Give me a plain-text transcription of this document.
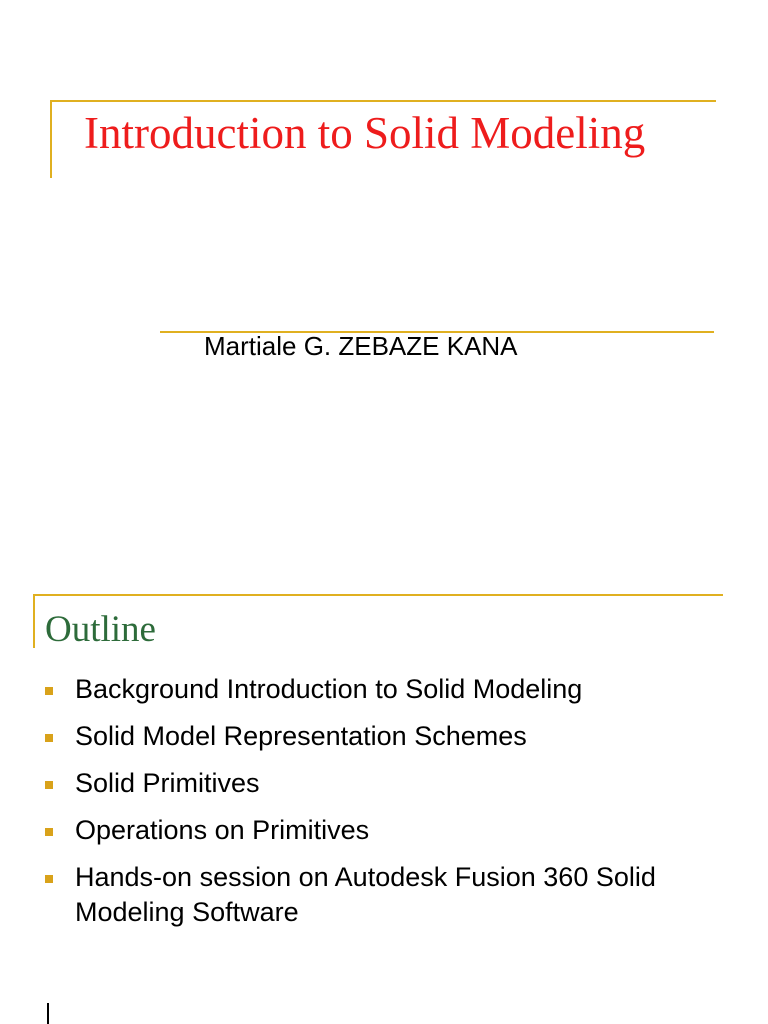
Introduction to Solid Modeling

Martiale G. ZEBAZE KANA

Outline
Background Introduction to Solid Modeling
Solid Model Representation Schemes
Solid Primitives
Operations on Primitives
Hands-on session on Autodesk Fusion 360 Solid Modeling Software
